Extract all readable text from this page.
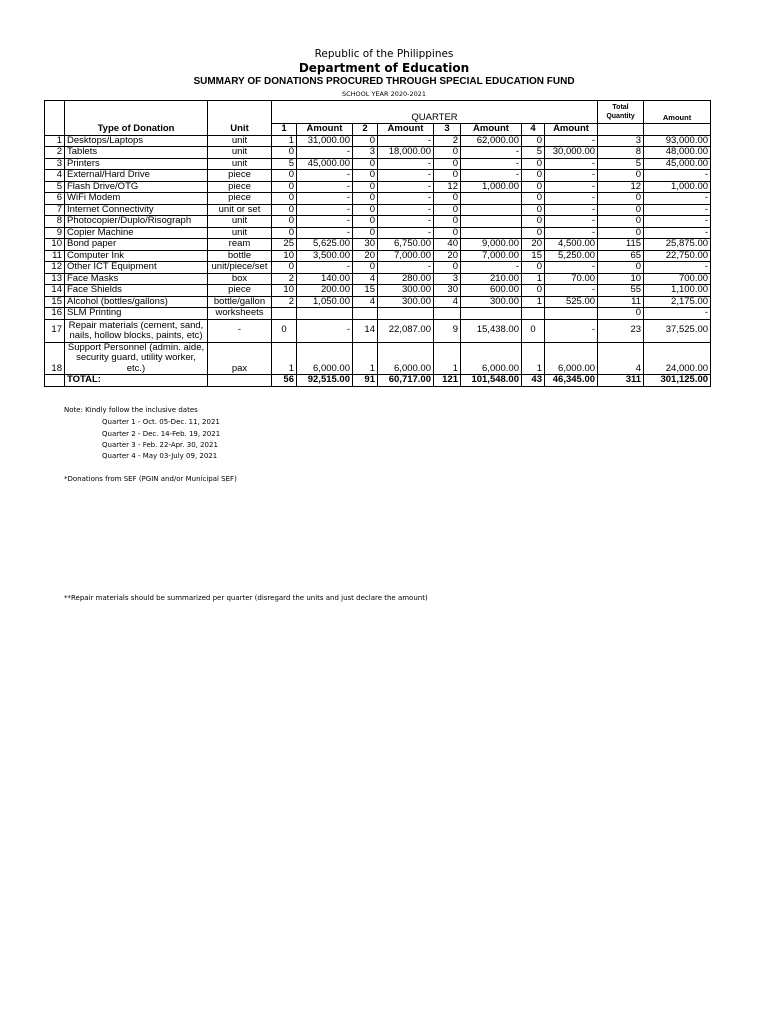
Republic of the Philippines
Department of Education
SUMMARY OF DONATIONS PROCURED THROUGH SPECIAL EDUCATION FUND
SCHOOL YEAR 2020-2021
			QUARTER								Total Quantity	Amount
	Type of Donation	Unit	1	Amount	2	Amount	3	Amount	4	Amount		
1	Desktops/Laptops	unit	1	31,000.00	0	-	2	62,000.00	0	-	3	93,000.00
2	Tablets	unit	0	-	3	18,000.00	0	-	5	30,000.00	8	48,000.00
3	Printers	unit	5	45,000.00	0	-	0	-	0	-	5	45,000.00
4	External/Hard Drive	piece	0	-	0	-	0	-	0	-	0	-
5	Flash Drive/OTG	piece	0	-	0	-	12	1,000.00	0	-	12	1,000.00
6	WiFi Modem	piece	0	-	0	-	0		0	-	0	-
7	Internet Connectivity	unit or set	0	-	0	-	0		0	-	0	-
8	Photocopier/Duplo/Risograph	unit	0	-	0	-	0		0	-	0	-
9	Copier Machine	unit	0	-	0	-	0		0	-	0	-
10	Bond paper	ream	25	5,625.00	30	6,750.00	40	9,000.00	20	4,500.00	115	25,875.00
11	Computer Ink	bottle	10	3,500.00	20	7,000.00	20	7,000.00	15	5,250.00	65	22,750.00
12	Other ICT Equipment	unit/piece/set	0	-	0	-	0	-	0	-	0	-
13	Face Masks	box	2	140.00	4	280.00	3	210.00	1	70.00	10	700.00
14	Face Shields	piece	10	200.00	15	300.00	30	600.00	0	-	55	1,100.00
15	Alcohol (bottles/gallons)	bottle/gallon	2	1,050.00	4	300.00	4	300.00	1	525.00	11	2,175.00
16	SLM Printing	worksheets									0	-
17	Repair materials (cement, sand, nails, hollow blocks, paints, etc)	-	0	-	14	22,087.00	9	15,438.00	0	-	23	37,525.00
18	Support Personnel (admin. aide, security guard, utility worker, etc.)	pax	1	6,000.00	1	6,000.00	1	6,000.00	1	6,000.00	4	24,000.00
	TOTAL:		56	92,515.00	91	60,717.00	121	101,548.00	43	46,345.00	311	301,125.00
Note: Kindly follow the inclusive dates
Quarter 1 - Oct. 05-Dec. 11, 2021
Quarter 2 - Dec. 14-Feb. 19, 2021
Quarter 3 - Feb. 22-Apr. 30, 2021
Quarter 4 - May 03-July 09, 2021
*Donations from SEF (PGIN and/or Municipal SEF)
**Repair materials should be summarized per quarter (disregard the units and just declare the amount)
